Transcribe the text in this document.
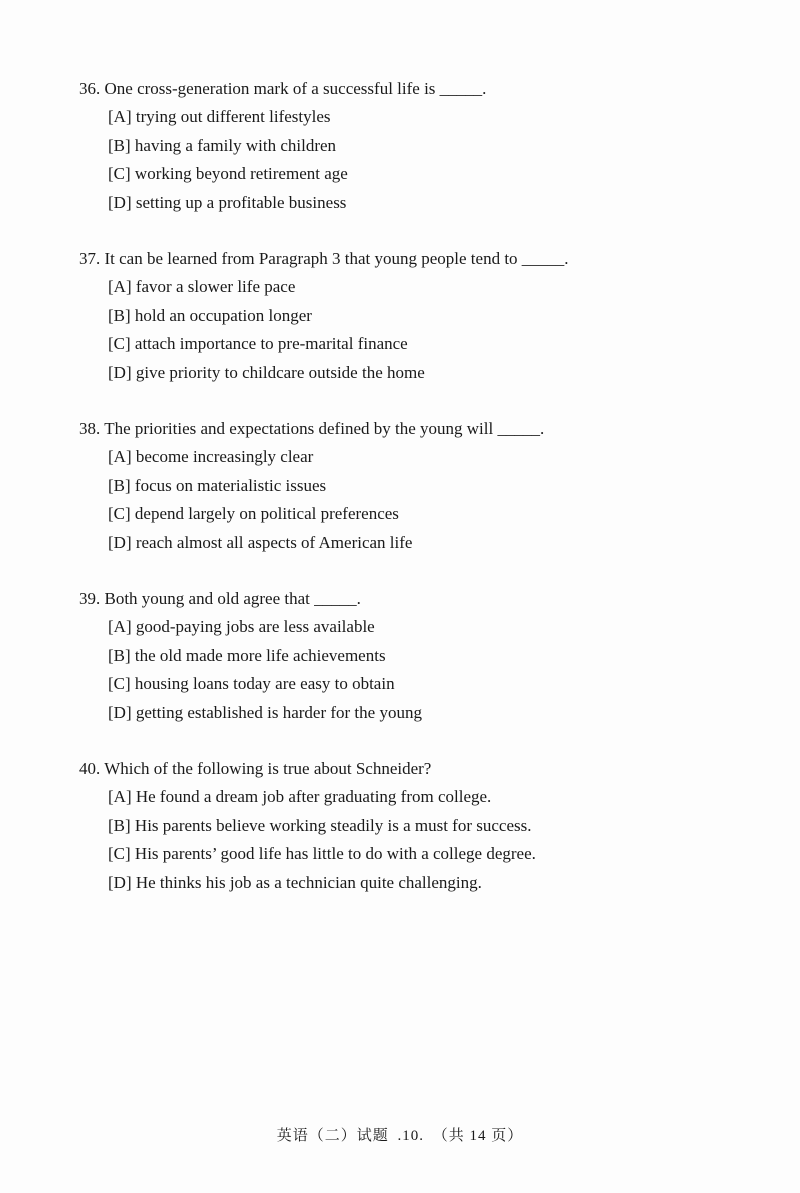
36. One cross-generation mark of a successful life is _____.
[A] trying out different lifestyles
[B] having a family with children
[C] working beyond retirement age
[D] setting up a profitable business
37. It can be learned from Paragraph 3 that young people tend to _____.
[A] favor a slower life pace
[B] hold an occupation longer
[C] attach importance to pre-marital finance
[D] give priority to childcare outside the home
38. The priorities and expectations defined by the young will _____.
[A] become increasingly clear
[B] focus on materialistic issues
[C] depend largely on political preferences
[D] reach almost all aspects of American life
39. Both young and old agree that _____.
[A] good-paying jobs are less available
[B] the old made more life achievements
[C] housing loans today are easy to obtain
[D] getting established is harder for the young
40. Which of the following is true about Schneider?
[A] He found a dream job after graduating from college.
[B] His parents believe working steadily is a must for success.
[C] His parents’ good life has little to do with a college degree.
[D] He thinks his job as a technician quite challenging.
英语（二）试题 .10. （共 14 页）
